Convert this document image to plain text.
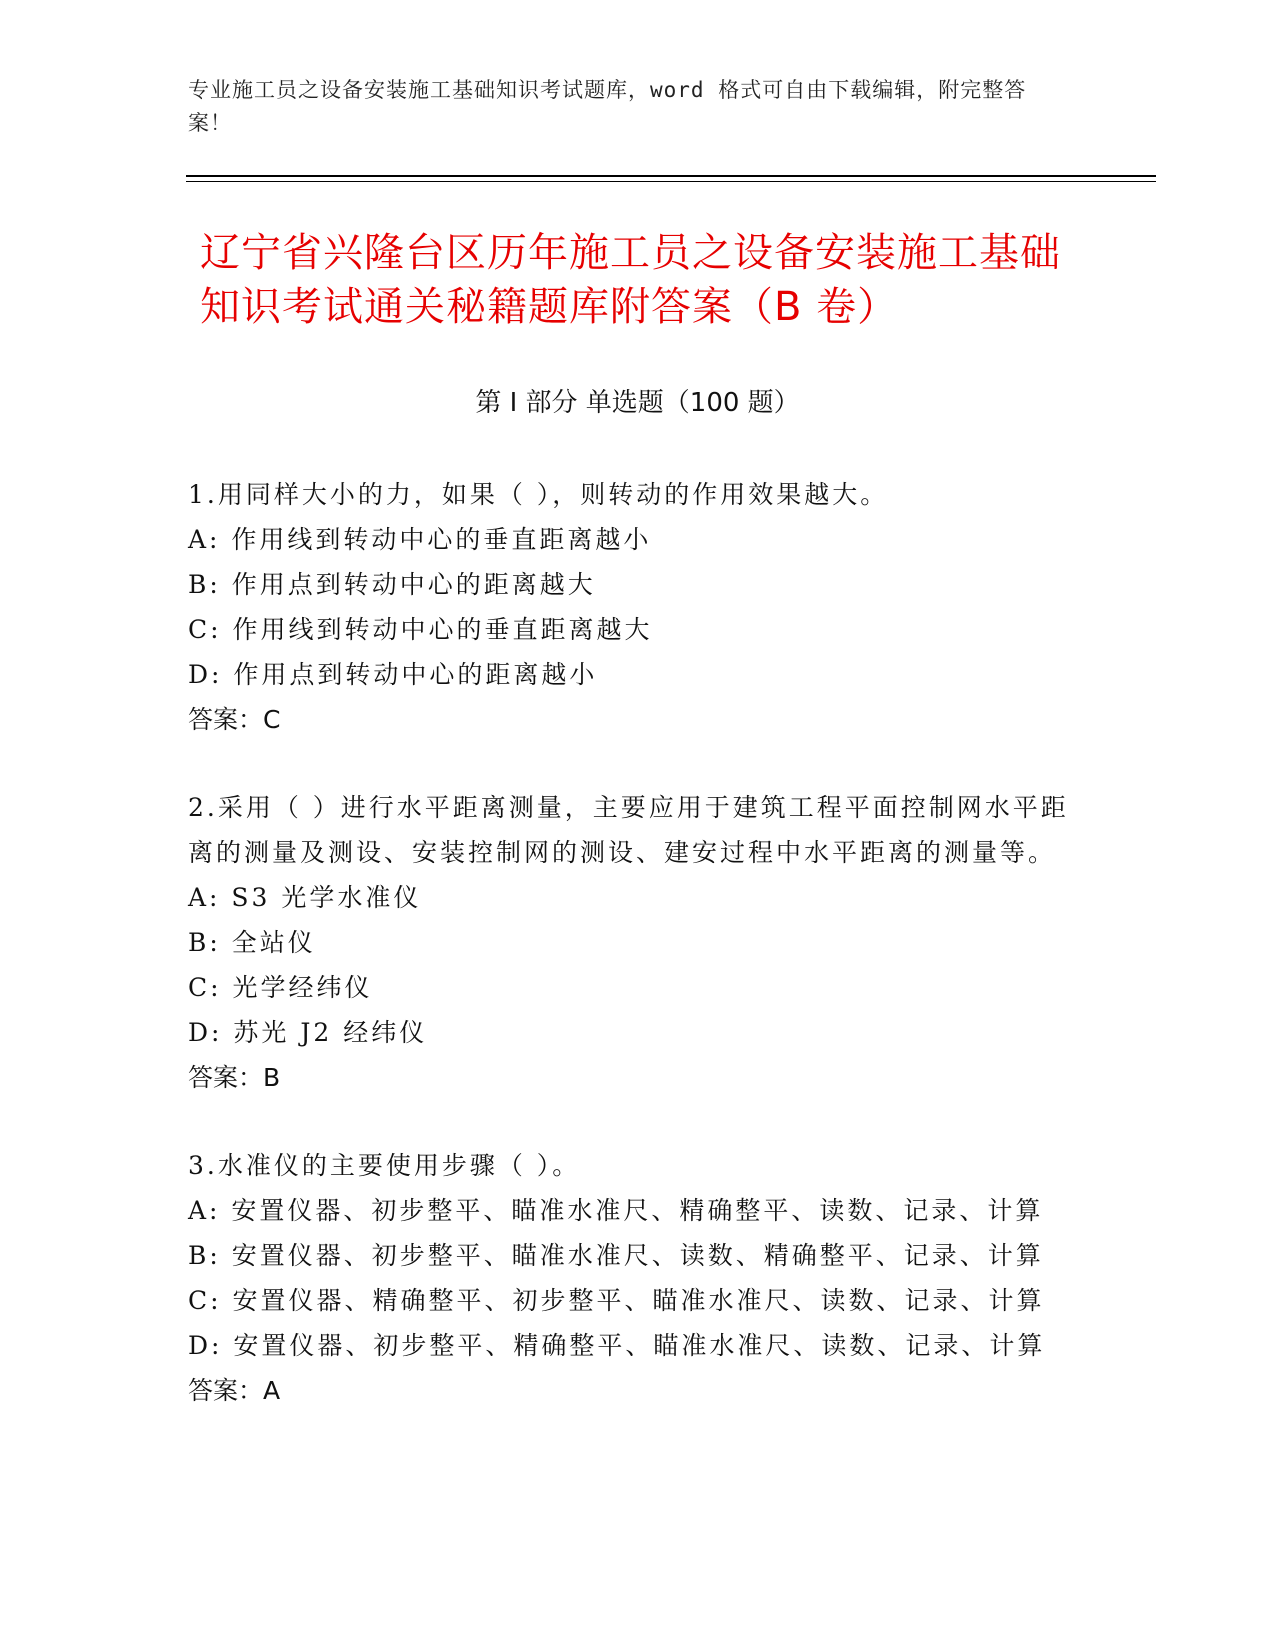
专业施工员之设备安装施工基础知识考试题库，word 格式可自由下载编辑，附完整答案！
辽宁省兴隆台区历年施工员之设备安装施工基础知识考试通关秘籍题库附答案（B 卷）
第 I 部分 单选题（100 题）

1.用同样大小的力，如果（ ），则转动的作用效果越大。

A: 作用线到转动中心的垂直距离越小

B: 作用点到转动中心的距离越大

C: 作用线到转动中心的垂直距离越大

D: 作用点到转动中心的距离越小

答案：C

2.采用（ ）进行水平距离测量，主要应用于建筑工程平面控制网水平距离的测量及测设、安装控制网的测设、建安过程中水平距离的测量等。

A: S3 光学水准仪

B: 全站仪

C: 光学经纬仪

D: 苏光 J2 经纬仪

答案：B

3.水准仪的主要使用步骤（ ）。

A: 安置仪器、初步整平、瞄准水准尺、精确整平、读数、记录、计算

B: 安置仪器、初步整平、瞄准水准尺、读数、精确整平、记录、计算

C: 安置仪器、精确整平、初步整平、瞄准水准尺、读数、记录、计算

D: 安置仪器、初步整平、精确整平、瞄准水准尺、读数、记录、计算

答案：A
